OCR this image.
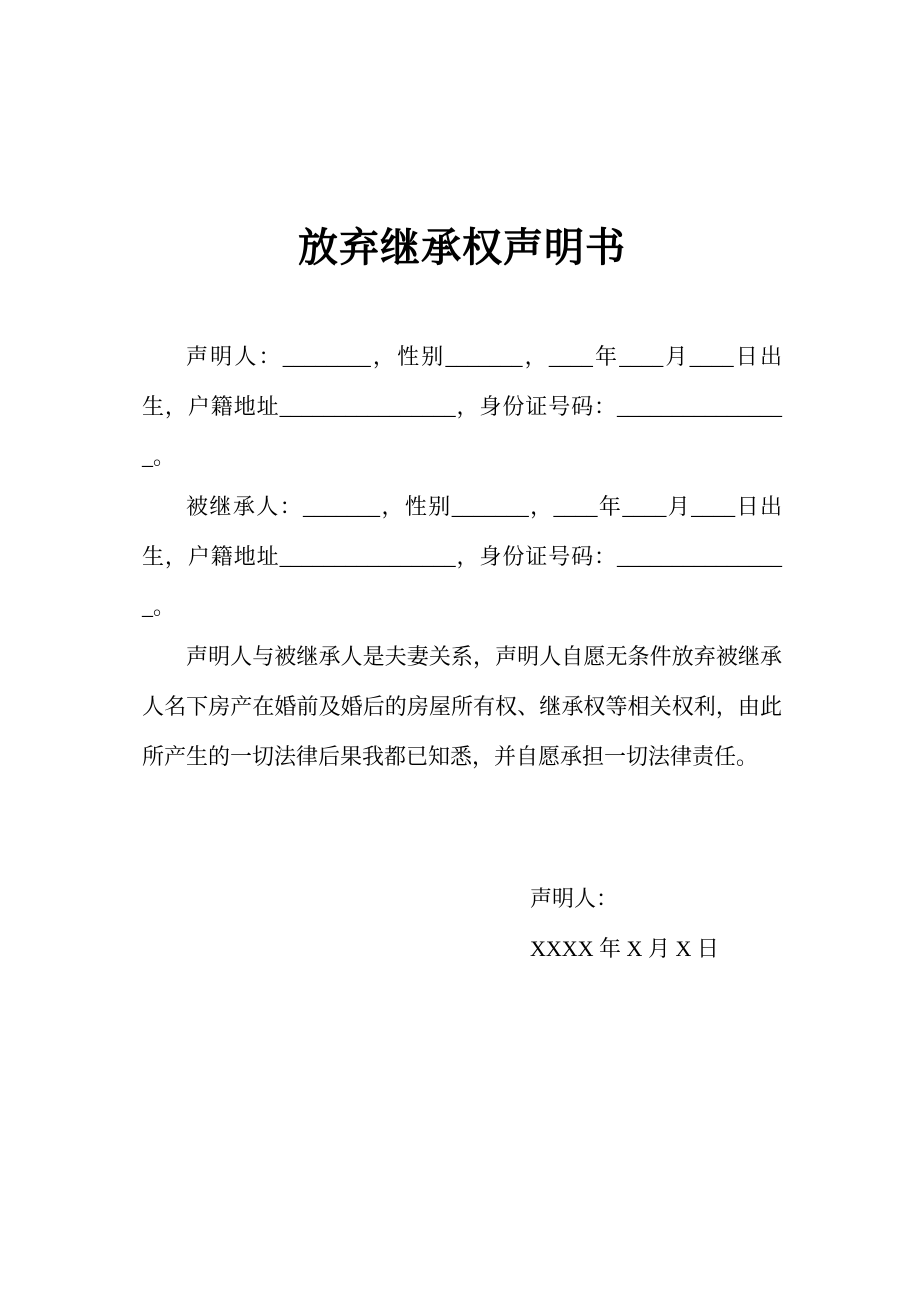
放弃继承权声明书

声明人：________，性别_______，____年____月____日出生，户籍地址________________，身份证号码：________________。

被继承人：_______，性别_______，____年____月____日出生，户籍地址________________，身份证号码：________________。

声明人与被继承人是夫妻关系，声明人自愿无条件放弃被继承人名下房产在婚前及婚后的房屋所有权、继承权等相关权利，由此所产生的一切法律后果我都已知悉，并自愿承担一切法律责任。

声明人：
XXXX 年 X 月 X 日
